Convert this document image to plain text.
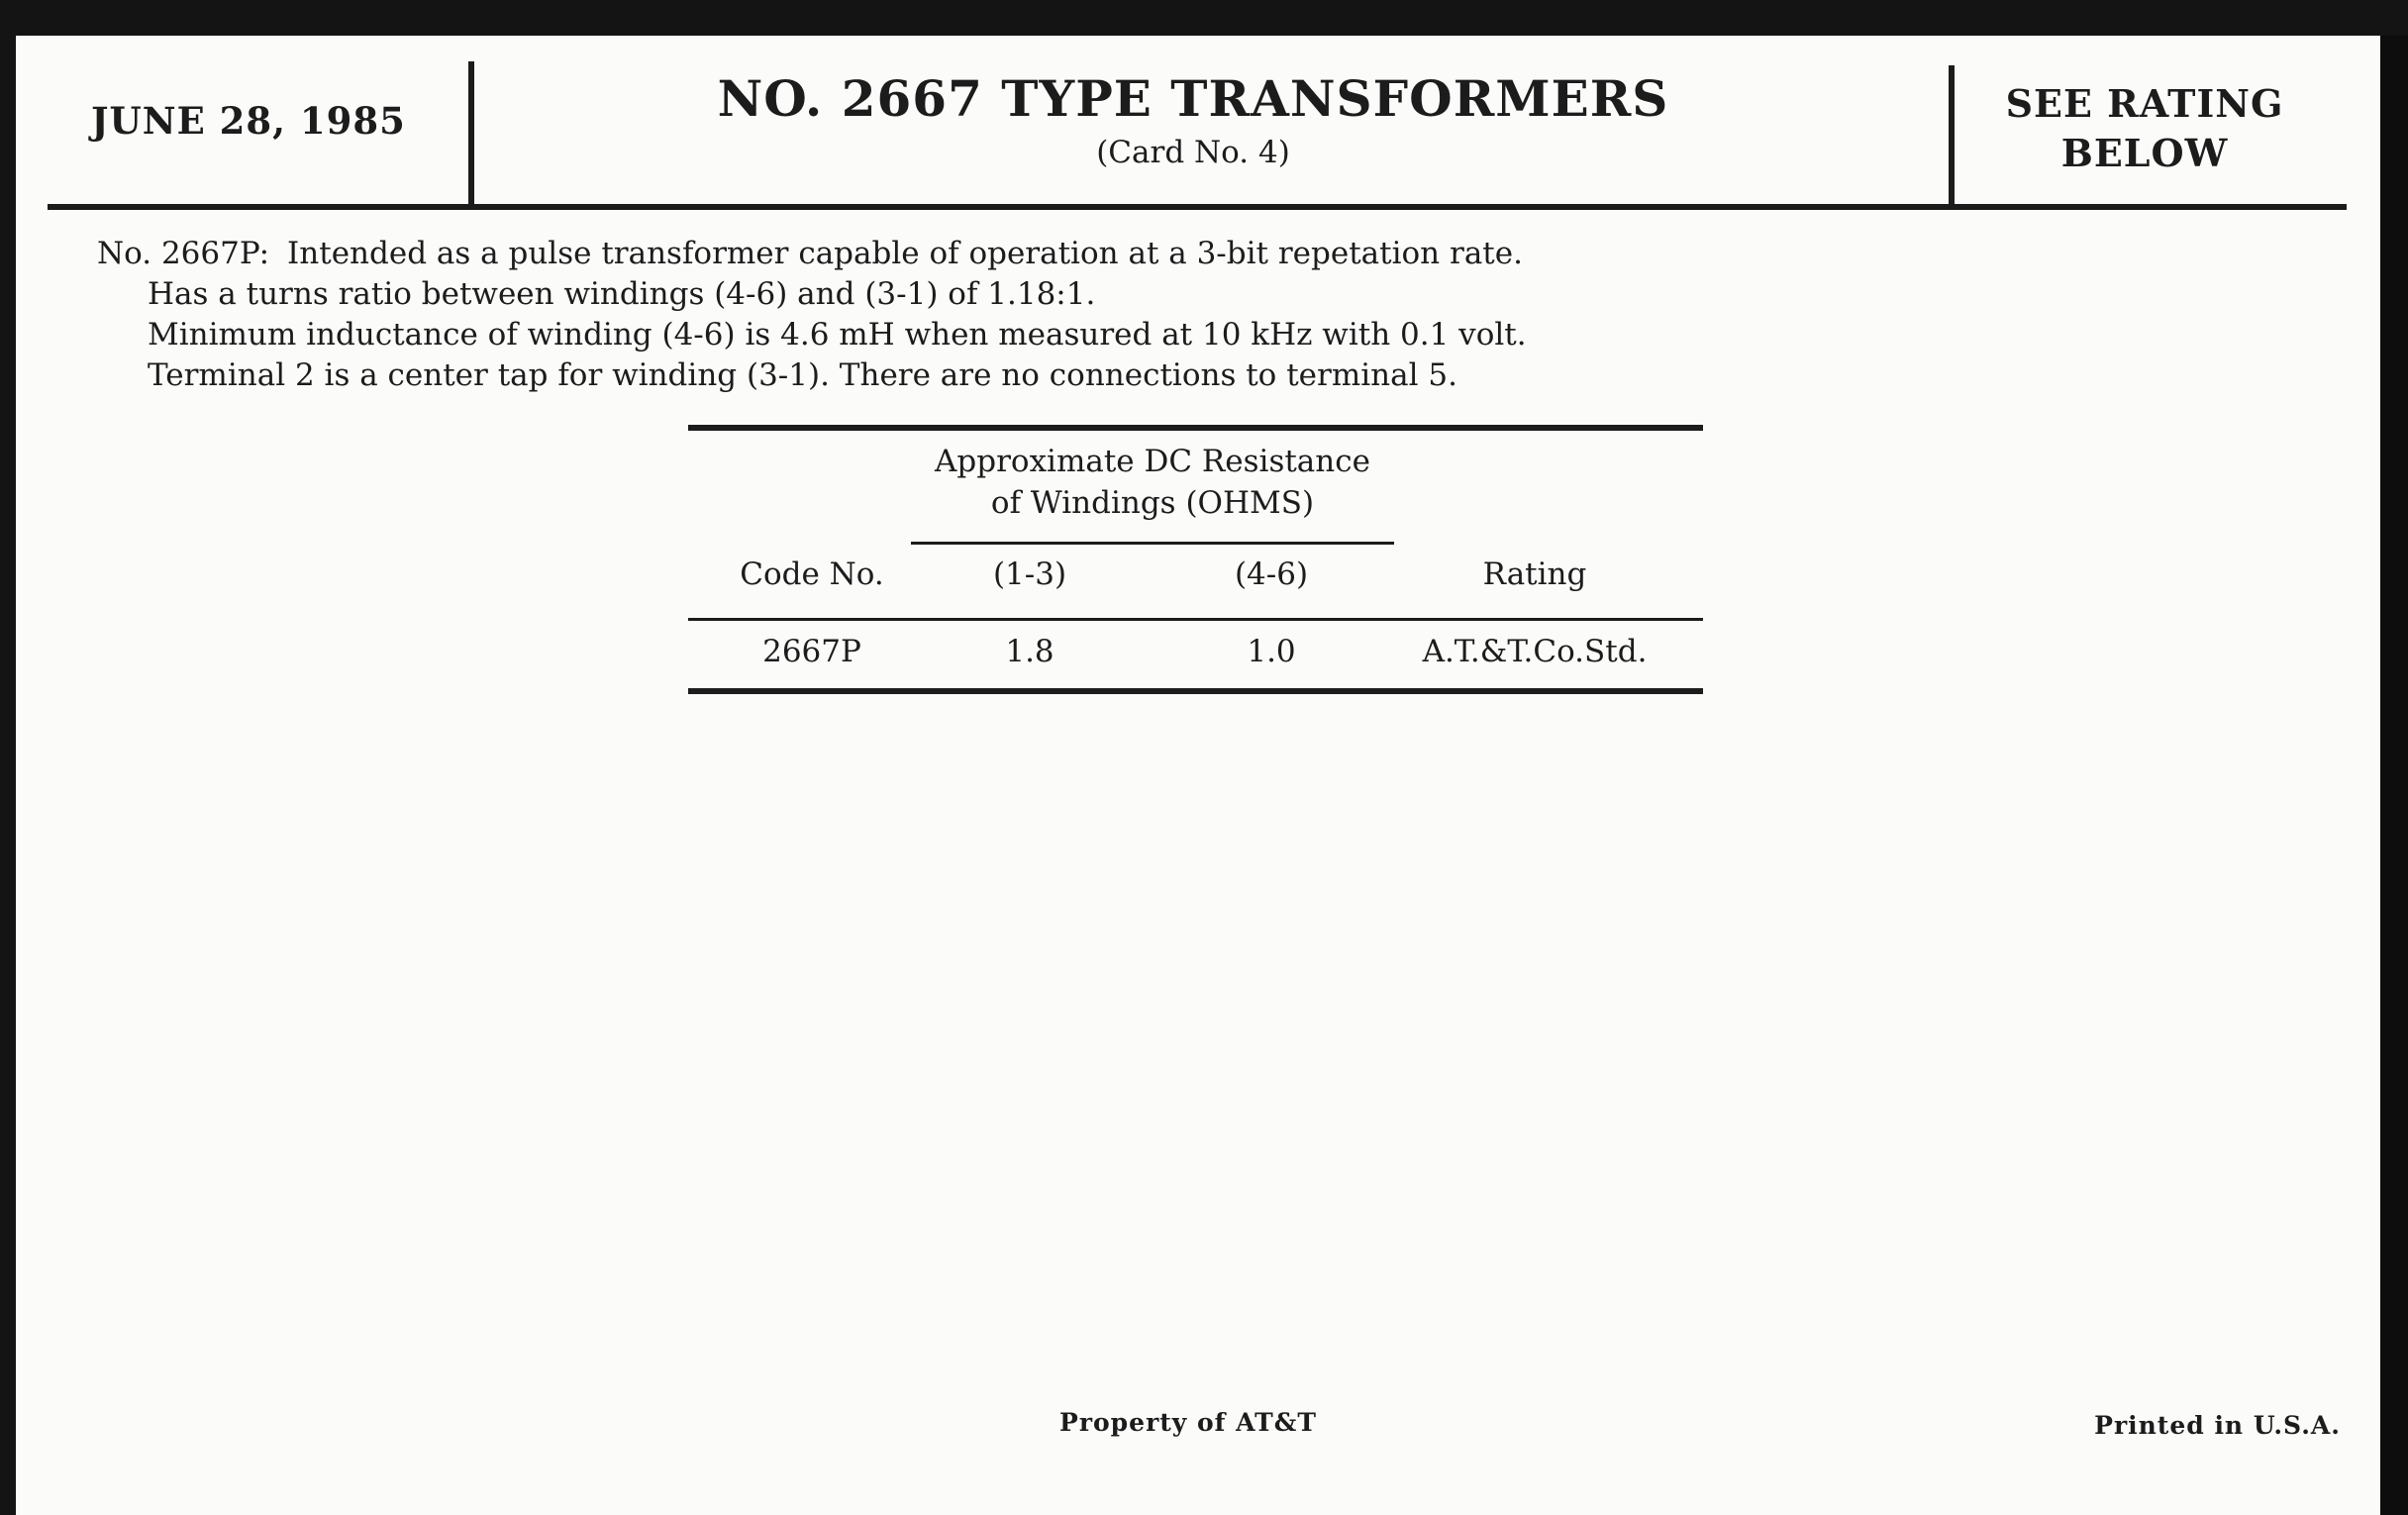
JUNE 28, 1985	NO. 2667 TYPE TRANSFORMERS
(Card No. 4)
SEE RATING
BELOW
No. 2667P: Intended as a pulse transformer capable of operation at a 3-bit repetation rate.
Has a turns ratio between windings (4-6) and (3-1) of 1.18:1.
Minimum inductance of winding (4-6) is 4.6 mH when measured at 10 kHz with 0.1 volt.
Terminal 2 is a center tap for winding (3-1). There are no connections to terminal 5.
Approximate DC Resistance
of Windings (OHMS)
Code No.	(1-3)	(4-6)	Rating
2667P	1.8	1.0	A.T.&T.Co.Std.
Property of AT&T	Printed in U.S.A.
